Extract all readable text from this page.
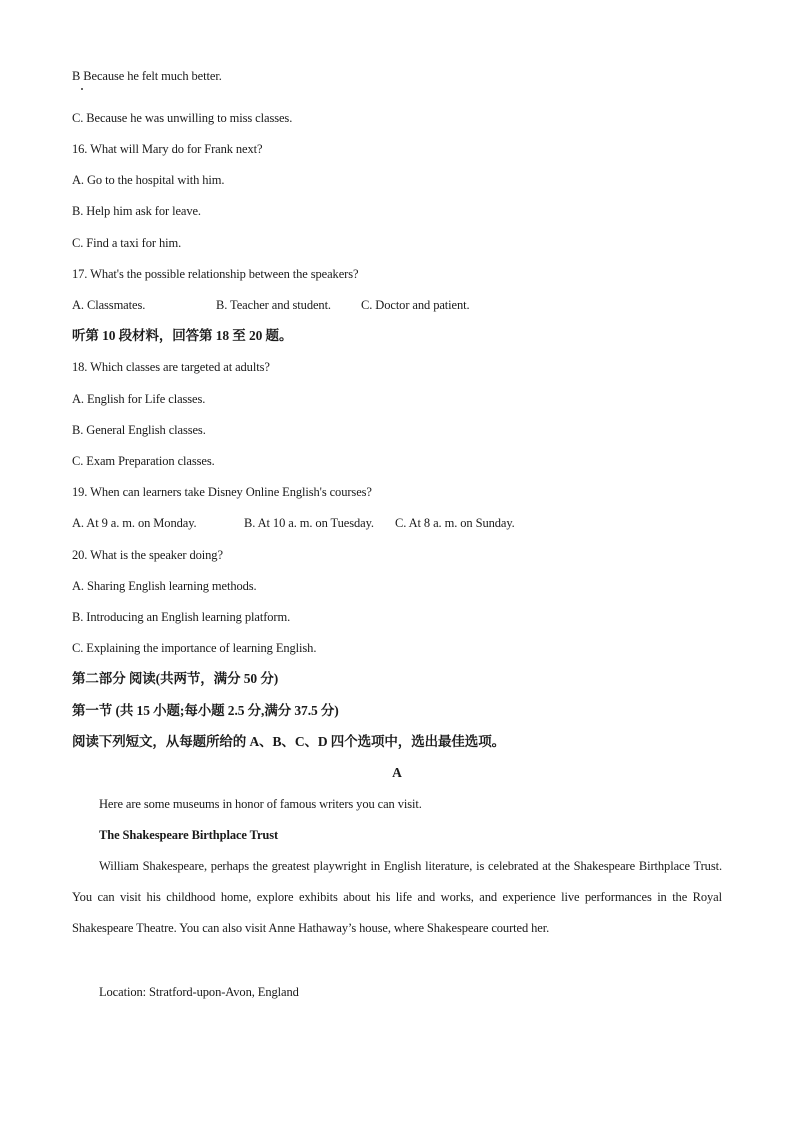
B Because he felt much better.
C. Because he was unwilling to miss classes.
16. What will Mary do for Frank next?
A. Go to the hospital with him.
B. Help him ask for leave.
C. Find a taxi for him.
17. What's the possible relationship between the speakers?
A. Classmates.	B. Teacher and student. C. Doctor and patient.
听第 10 段材料，回答第 18 至 20 题。
18. Which classes are targeted at adults?
A. English for Life classes.
B. General English classes.
C. Exam Preparation classes.
19. When can learners take Disney Online English's courses?
A. At 9 a. m. on Monday.	B. At 10 a. m. on Tuesday. C. At 8 a. m. on Sunday.
20. What is the speaker doing?
A. Sharing English learning methods.
B. Introducing an English learning platform.
C. Explaining the importance of learning English.
第二部分 阅读(共两节，满分 50 分)
第一节 (共 15 小题;每小题 2.5 分,满分 37.5 分)
阅读下列短文，从每题所给的 A、B、C、D 四个选项中，选出最佳选项。
A
Here are some museums in honor of famous writers you can visit.
The Shakespeare Birthplace Trust
William Shakespeare, perhaps the greatest playwright in English literature, is celebrated at the Shakespeare Birthplace Trust. You can visit his childhood home, explore exhibits about his life and works, and experience live performances in the Royal Shakespeare Theatre. You can also visit Anne Hathaway’s house, where Shakespeare courted her.
Location: Stratford-upon-Avon, England
